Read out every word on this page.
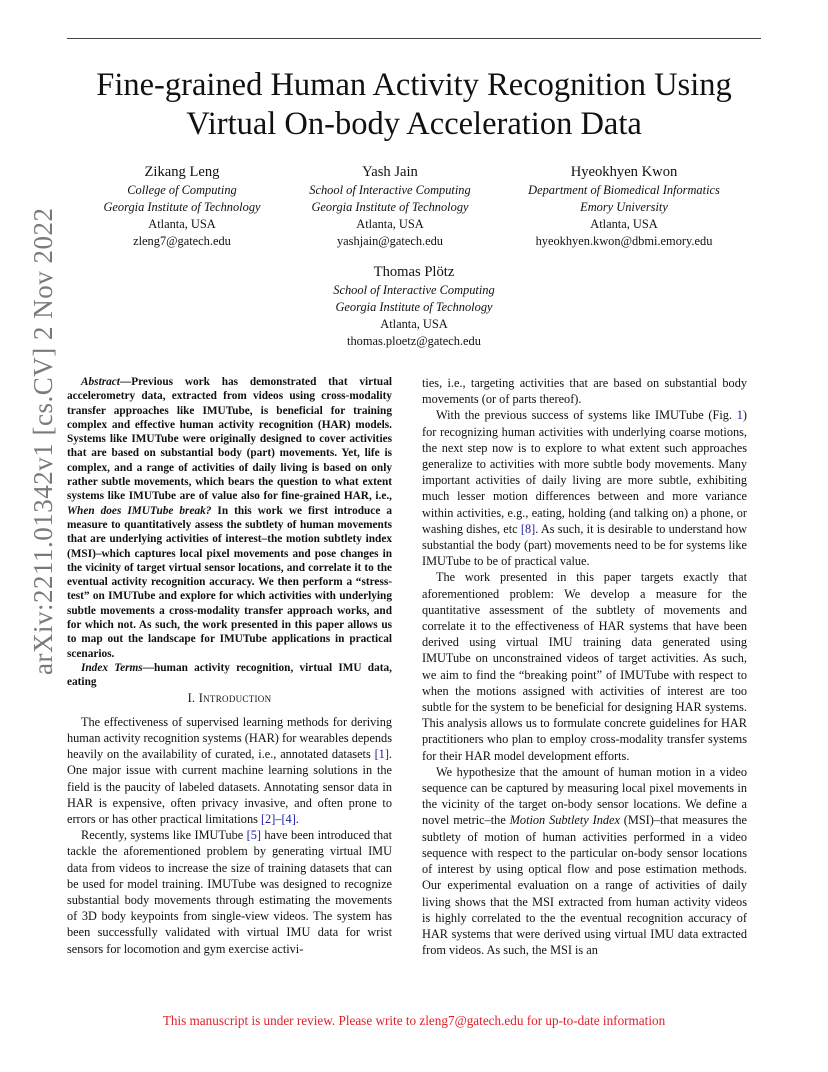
arXiv:2211.01342v1 [cs.CV] 2 Nov 2022
Fine-grained Human Activity Recognition Using
Virtual On-body Acceleration Data
Zikang Leng
College of Computing
Georgia Institute of Technology
Atlanta, USA
zleng7@gatech.edu
Yash Jain
School of Interactive Computing
Georgia Institute of Technology
Atlanta, USA
yashjain@gatech.edu
Hyeokhyen Kwon
Department of Biomedical Informatics
Emory University
Atlanta, USA
hyeokhyen.kwon@dbmi.emory.edu
Thomas Plötz
School of Interactive Computing
Georgia Institute of Technology
Atlanta, USA
thomas.ploetz@gatech.edu

Abstract—Previous work has demonstrated that virtual accelerometry data, extracted from videos using cross-modality transfer approaches like IMUTube, is beneficial for training complex and effective human activity recognition (HAR) models. Systems like IMUTube were originally designed to cover activities that are based on substantial body (part) movements. Yet, life is complex, and a range of activities of daily living is based on only rather subtle movements, which bears the question to what extent systems like IMUTube are of value also for fine-grained HAR, i.e., When does IMUTube break? In this work we first introduce a measure to quantitatively assess the subtlety of human movements that are underlying activities of interest–the motion subtlety index (MSI)–which captures local pixel movements and pose changes in the vicinity of target virtual sensor locations, and correlate it to the eventual activity recognition accuracy. We then perform a “stress-test” on IMUTube and explore for which activities with underlying subtle movements a cross-modality transfer approach works, and for which not. As such, the work presented in this paper allows us to map out the landscape for IMUTube applications in practical scenarios.

Index Terms—human activity recognition, virtual IMU data, eating

I. Introduction

The effectiveness of supervised learning methods for deriving human activity recognition systems (HAR) for wearables depends heavily on the availability of curated, i.e., annotated datasets [1]. One major issue with current machine learning solutions in the field is the paucity of labeled datasets. Annotating sensor data in HAR is expensive, often privacy invasive, and often prone to errors or has other practical limitations [2]–[4].

Recently, systems like IMUTube [5] have been introduced that tackle the aforementioned problem by generating virtual IMU data from videos to increase the size of training datasets that can be used for model training. IMUTube was designed to recognize substantial body movements through estimating the movements of 3D body keypoints from single-view videos. The system has been successfully validated with virtual IMU data for wrist sensors for locomotion and gym exercise activi-

ties, i.e., targeting activities that are based on substantial body movements (or of parts thereof).

With the previous success of systems like IMUTube (Fig. 1) for recognizing human activities with underlying coarse motions, the next step now is to explore to what extent such approaches generalize to activities with more subtle body movements. Many important activities of daily living are more subtle, exhibiting much lesser motion differences between and more variance within activities, e.g., eating, holding (and talking on) a phone, or washing dishes, etc [8]. As such, it is desirable to understand how substantial the body (part) movements need to be for systems like IMUTube to be of practical value.

The work presented in this paper targets exactly that aforementioned problem: We develop a measure for the quantitative assessment of the subtlety of movements and correlate it to the effectiveness of HAR systems that have been derived using virtual IMU training data generated using IMUTube on unconstrained videos of target activities. As such, we aim to find the “breaking point” of IMUTube with respect to when the motions assigned with activities of interest are too subtle for the system to be beneficial for designing HAR systems. This analysis allows us to formulate concrete guidelines for HAR practitioners who plan to employ cross-modality transfer systems for their HAR model development efforts.

We hypothesize that the amount of human motion in a video sequence can be captured by measuring local pixel movements in the vicinity of the target on-body sensor locations. We define a novel metric–the Motion Subtlety Index (MSI)–that measures the subtlety of motion of human activities performed in a video sequence with respect to the particular on-body sensor locations of interest by using optical flow and pose estimation methods. Our experimental evaluation on a range of activities of daily living shows that the MSI extracted from human activity videos is highly correlated to the the eventual recognition accuracy of HAR systems that were derived using virtual IMU data extracted from videos. As such, the MSI is an

This manuscript is under review. Please write to zleng7@gatech.edu for up-to-date information
